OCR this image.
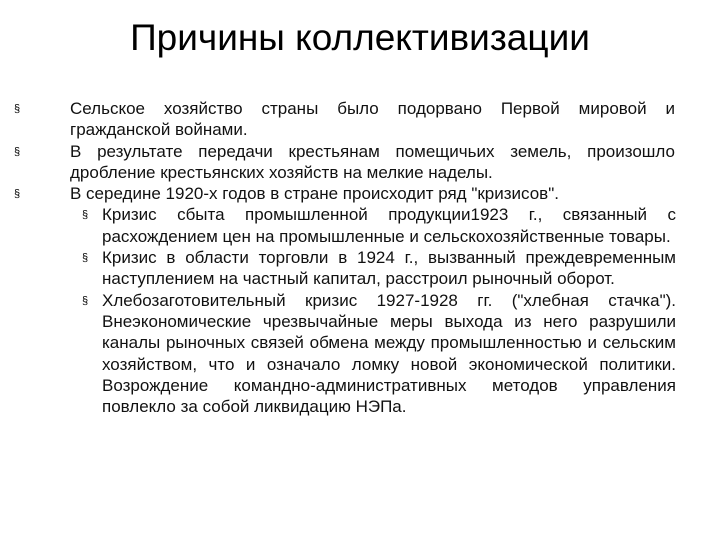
Причины коллективизации
§	Сельское хозяйство страны было подорвано Первой мировой и гражданской войнами.
§	В результате передачи крестьянам помещичьих земель, произошло дробление крестьянских хозяйств на мелкие наделы.
§	В середине 1920-х годов в стране происходит ряд "кризисов".
§ Кризис сбыта промышленной продукции1923 г., связанный с расхождением цен на промышленные и сельскохозяйственные товары.
§ Кризис в области торговли в 1924 г., вызванный преждевременным наступлением на частный капитал, расстроил рыночный оборот.
§ Хлебозаготовительный кризис 1927-1928 гг. ("хлебная стачка"). Внеэкономические чрезвычайные меры выхода из него разрушили каналы рыночных связей обмена между промышленностью и сельским хозяйством, что и означало ломку новой экономической политики. Возрождение командно-административных методов управления повлекло за собой ликвидацию НЭПа.
